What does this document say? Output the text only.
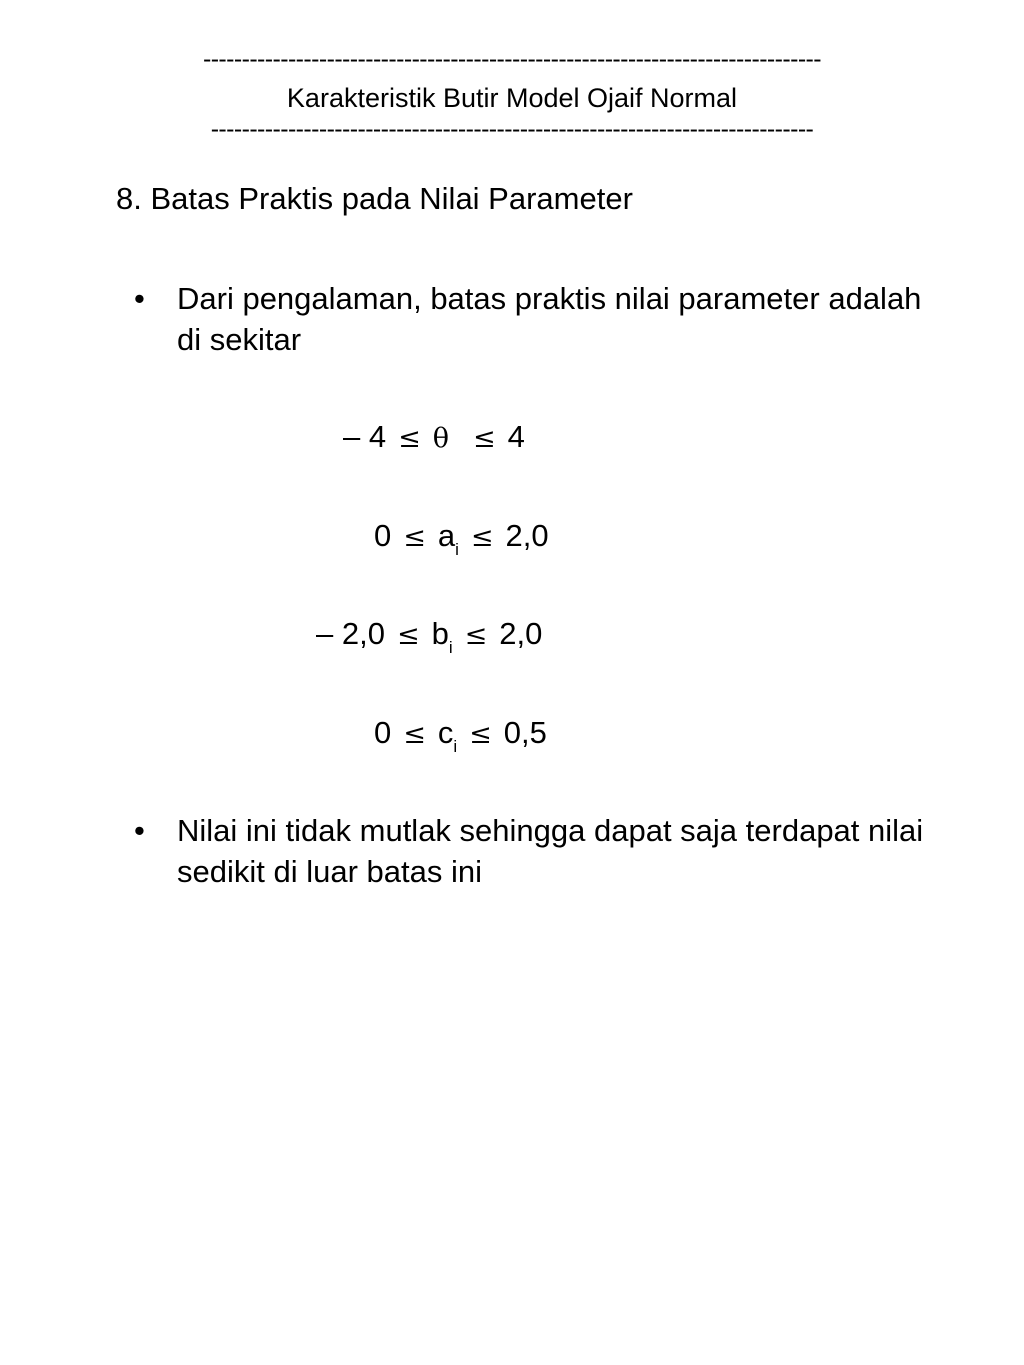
--------------------------------------------------------------------------------
Karakteristik Butir Model Ojaif Normal
------------------------------------------------------------------------------
8. Batas Praktis pada Nilai Parameter
• Dari pengalaman, batas praktis nilai parameter adalah di sekitar
– 4 ≤ θ ≤ 4
$0 \le a_i \le 2,0$
– $2,0 \le b_i \le 2,0$
$0 \le c_i \le 0,5$
• Nilai ini tidak mutlak sehingga dapat saja terdapat nilai sedikit di luar batas ini
